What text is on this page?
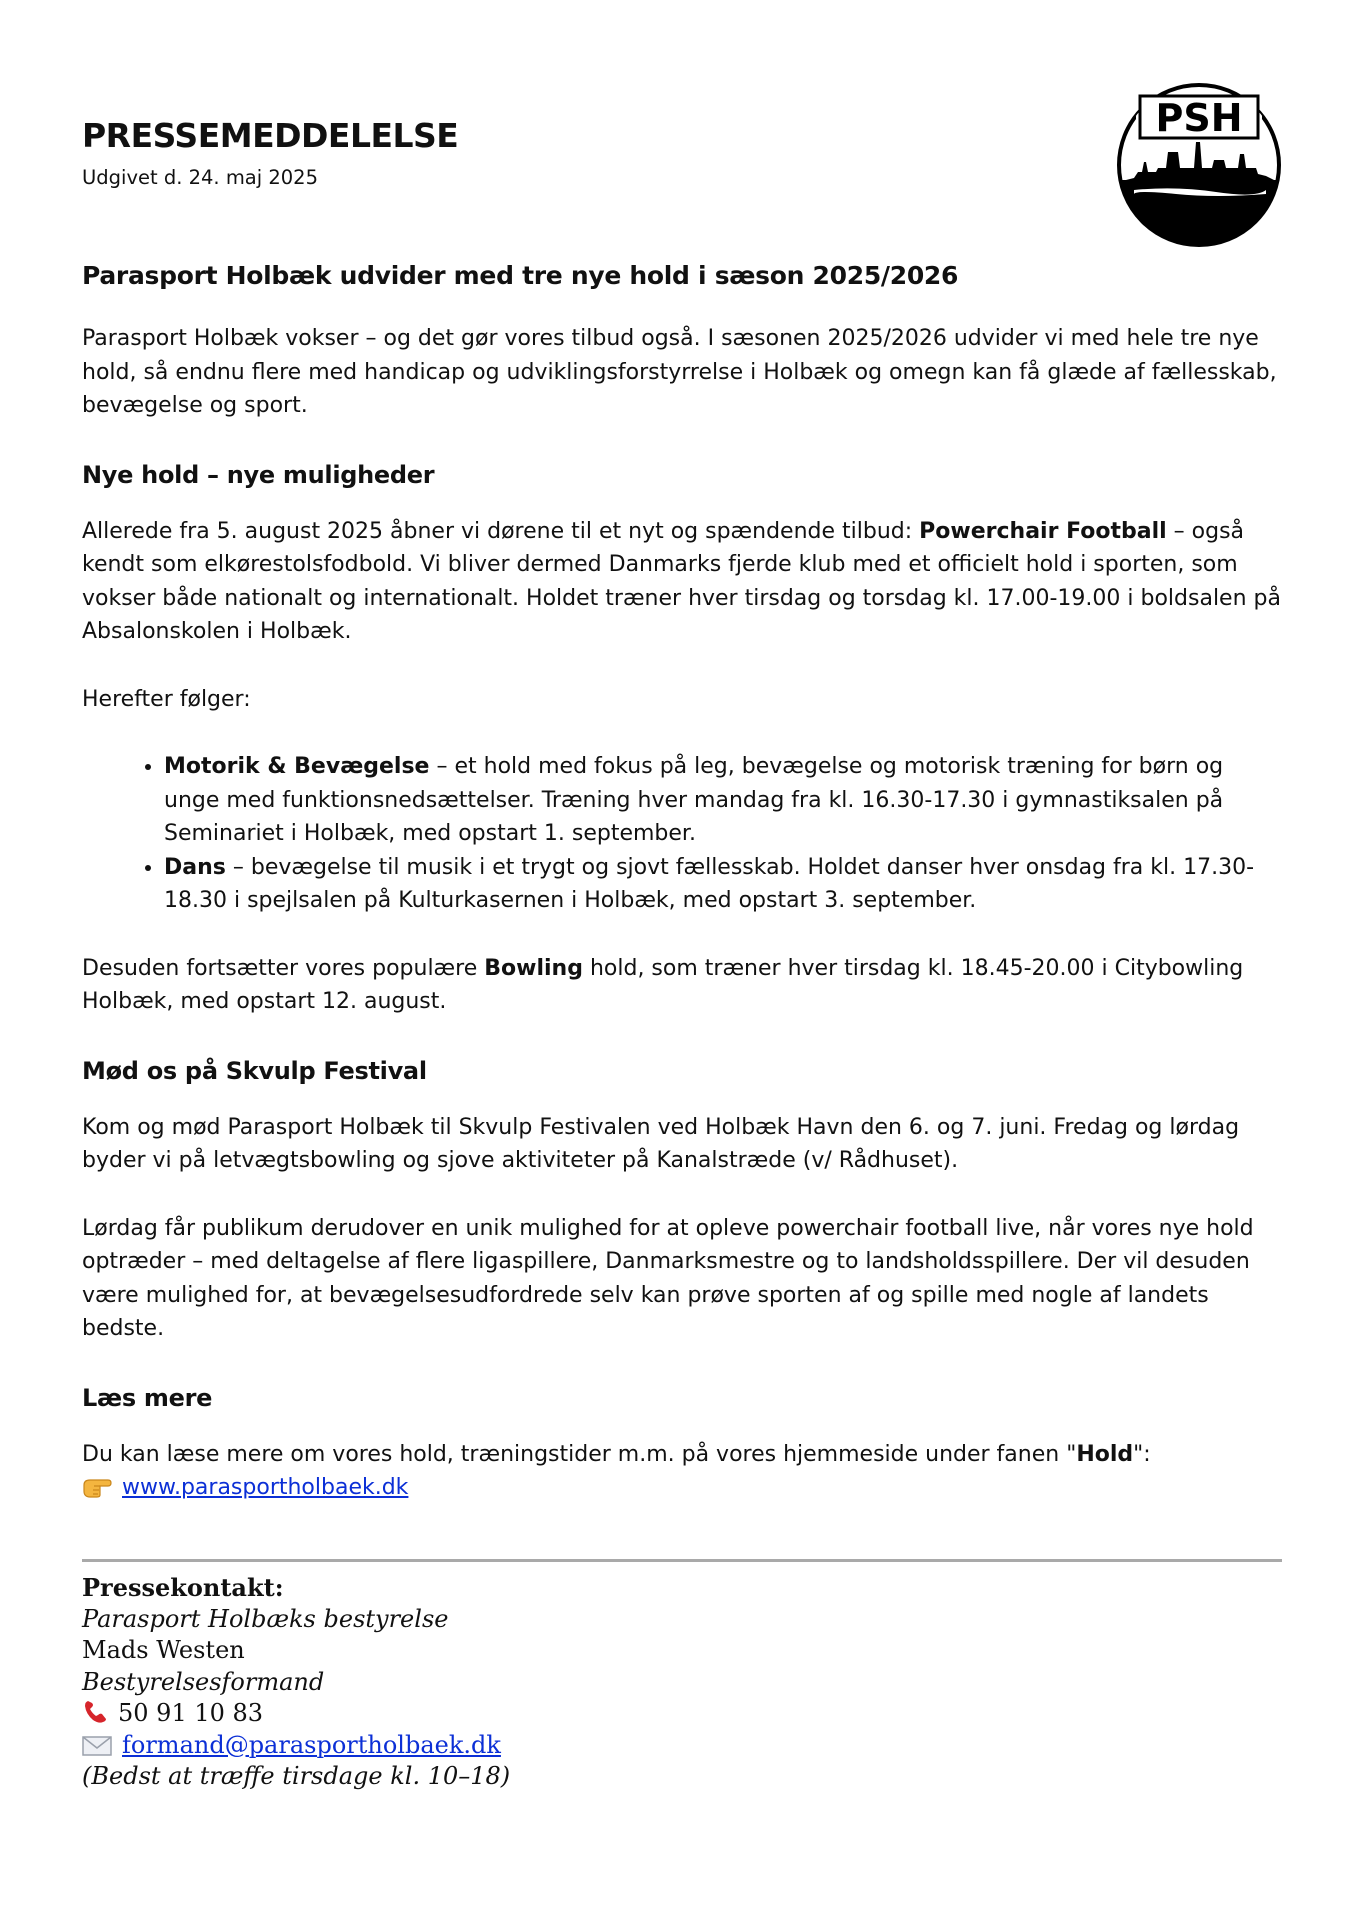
PRESSEMEDDELELSE
Udgivet d. 24. maj 2025
PSH
Parasport Holbæk udvider med tre nye hold i sæson 2025/2026

Parasport Holbæk vokser – og det gør vores tilbud også. I sæsonen 2025/2026 udvider vi med hele tre nye hold, så endnu flere med handicap og udviklingsforstyrrelse i Holbæk og omegn kan få glæde af fællesskab, bevægelse og sport.

Nye hold – nye muligheder

Allerede fra 5. august 2025 åbner vi dørene til et nyt og spændende tilbud: Powerchair Football – også kendt som elkørestolsfodbold. Vi bliver dermed Danmarks fjerde klub med et officielt hold i sporten, som vokser både nationalt og internationalt. Holdet træner hver tirsdag og torsdag kl. 17.00-19.00 i boldsalen på Absalonskolen i Holbæk.

Herefter følger:

• Motorik & Bevægelse – et hold med fokus på leg, bevægelse og motorisk træning for børn og unge med funktionsnedsættelser. Træning hver mandag fra kl. 16.30-17.30 i gymnastiksalen på Seminariet i Holbæk, med opstart 1. september.
• Dans – bevægelse til musik i et trygt og sjovt fællesskab. Holdet danser hver onsdag fra kl. 17.30-18.30 i spejlsalen på Kulturkasernen i Holbæk, med opstart 3. september.

Desuden fortsætter vores populære Bowling hold, som træner hver tirsdag kl. 18.45-20.00 i Citybowling Holbæk, med opstart 12. august.

Mød os på Skvulp Festival

Kom og mød Parasport Holbæk til Skvulp Festivalen ved Holbæk Havn den 6. og 7. juni. Fredag og lørdag byder vi på letvægtsbowling og sjove aktiviteter på Kanalstræde (v/ Rådhuset).

Lørdag får publikum derudover en unik mulighed for at opleve powerchair football live, når vores nye hold optræder – med deltagelse af flere ligaspillere, Danmarksmestre og to landsholdsspillere. Der vil desuden være mulighed for, at bevægelsesudfordrede selv kan prøve sporten af og spille med nogle af landets bedste.

Læs mere

Du kan læse mere om vores hold, træningstider m.m. på vores hjemmeside under fanen "Hold":

www.parasportholbaek.dk

Pressekontakt:
Parasport Holbæks bestyrelse
Mads Westen
Bestyrelsesformand
50 91 10 83
formand@parasportholbaek.dk
(Bedst at træffe tirsdage kl. 10–18)
